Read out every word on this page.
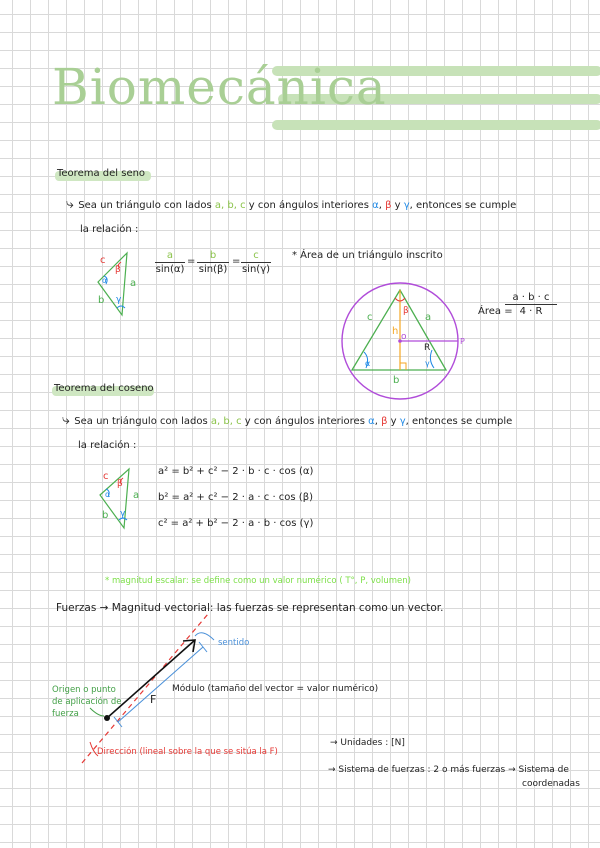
Biomecánica
Teorema del seno
⤷ Sea un triángulo con lados a, b, c y con ángulos interiores α, β y γ, entonces se cumple
la relación :
$\frac{a}{\sin(\alpha)} = \frac{b}{\sin(\beta)} = \frac{c}{\sin(\gamma)}$ * Área de un triángulo inscrito
Área =
$\frac{a \cdot b \cdot c}{4 \cdot R}$
Teorema del coseno
⤷ Sea un triángulo con lados a, b, c y con ángulos interiores α, β y γ, entonces se cumple
la relación :
a² = b² + c² − 2 · b · c · cos (α)
b² = a² + c² − 2 · a · c · cos (β)
c² = a² + b² − 2 · a · b · cos (γ)
* magnitud escalar: se define como un valor numérico ( T°, P, volumen)
Fuerzas → Magnitud vectorial: las fuerzas se representan como un vector.
sentido
Origen o punto de aplicación de fuerza
Módulo (tamaño del vector = valor numérico)
F
Dirección (lineal sobre la que se sitúa la F)
→ Unidades : [N]
→ Sistema de fuerzas : 2 o más fuerzas → Sistema de
coordenadas
c
α
β
a
b γ
c	a
h o
R
P
b
α
β
γ
a, b, c
c
α
β
a
b γ
